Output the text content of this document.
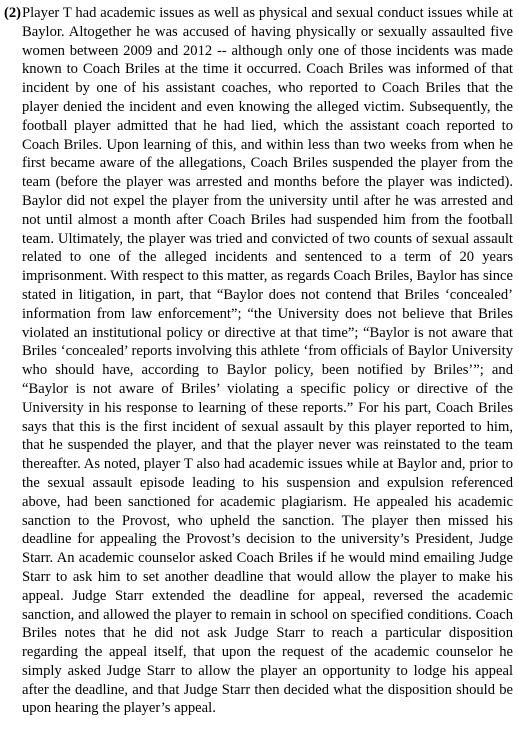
(2) Player T had academic issues as well as physical and sexual conduct issues while at Baylor. Altogether he was accused of having physically or sexually assaulted five women between 2009 and 2012 -- although only one of those incidents was made known to Coach Briles at the time it occurred. Coach Briles was informed of that incident by one of his assistant coaches, who reported to Coach Briles that the player denied the incident and even knowing the alleged victim. Subsequently, the football player admitted that he had lied, which the assistant coach reported to Coach Briles. Upon learning of this, and within less than two weeks from when he first became aware of the allegations, Coach Briles suspended the player from the team (before the player was arrested and months before the player was indicted). Baylor did not expel the player from the university until after he was arrested and not until almost a month after Coach Briles had suspended him from the football team. Ultimately, the player was tried and convicted of two counts of sexual assault related to one of the alleged incidents and sentenced to a term of 20 years imprisonment. With respect to this matter, as regards Coach Briles, Baylor has since stated in litigation, in part, that “Baylor does not contend that Briles ‘concealed’ information from law enforcement”; “the University does not believe that Briles violated an institutional policy or directive at that time”; “Baylor is not aware that Briles ‘concealed’ reports involving this athlete ‘from officials of Baylor University who should have, according to Baylor policy, been notified by Briles’”; and “Baylor is not aware of Briles’ violating a specific policy or directive of the University in his response to learning of these reports.” For his part, Coach Briles says that this is the first incident of sexual assault by this player reported to him, that he suspended the player, and that the player never was reinstated to the team thereafter. As noted, player T also had academic issues while at Baylor and, prior to the sexual assault episode leading to his suspension and expulsion referenced above, had been sanctioned for academic plagiarism. He appealed his academic sanction to the Provost, who upheld the sanction. The player then missed his deadline for appealing the Provost’s decision to the university’s President, Judge Starr. An academic counselor asked Coach Briles if he would mind emailing Judge Starr to ask him to set another deadline that would allow the player to make his appeal. Judge Starr extended the deadline for appeal, reversed the academic sanction, and allowed the player to remain in school on specified conditions. Coach Briles notes that he did not ask Judge Starr to reach a particular disposition regarding the appeal itself, that upon the request of the academic counselor he simply asked Judge Starr to allow the player an opportunity to lodge his appeal after the deadline, and that Judge Starr then decided what the disposition should be upon hearing the player’s appeal.
